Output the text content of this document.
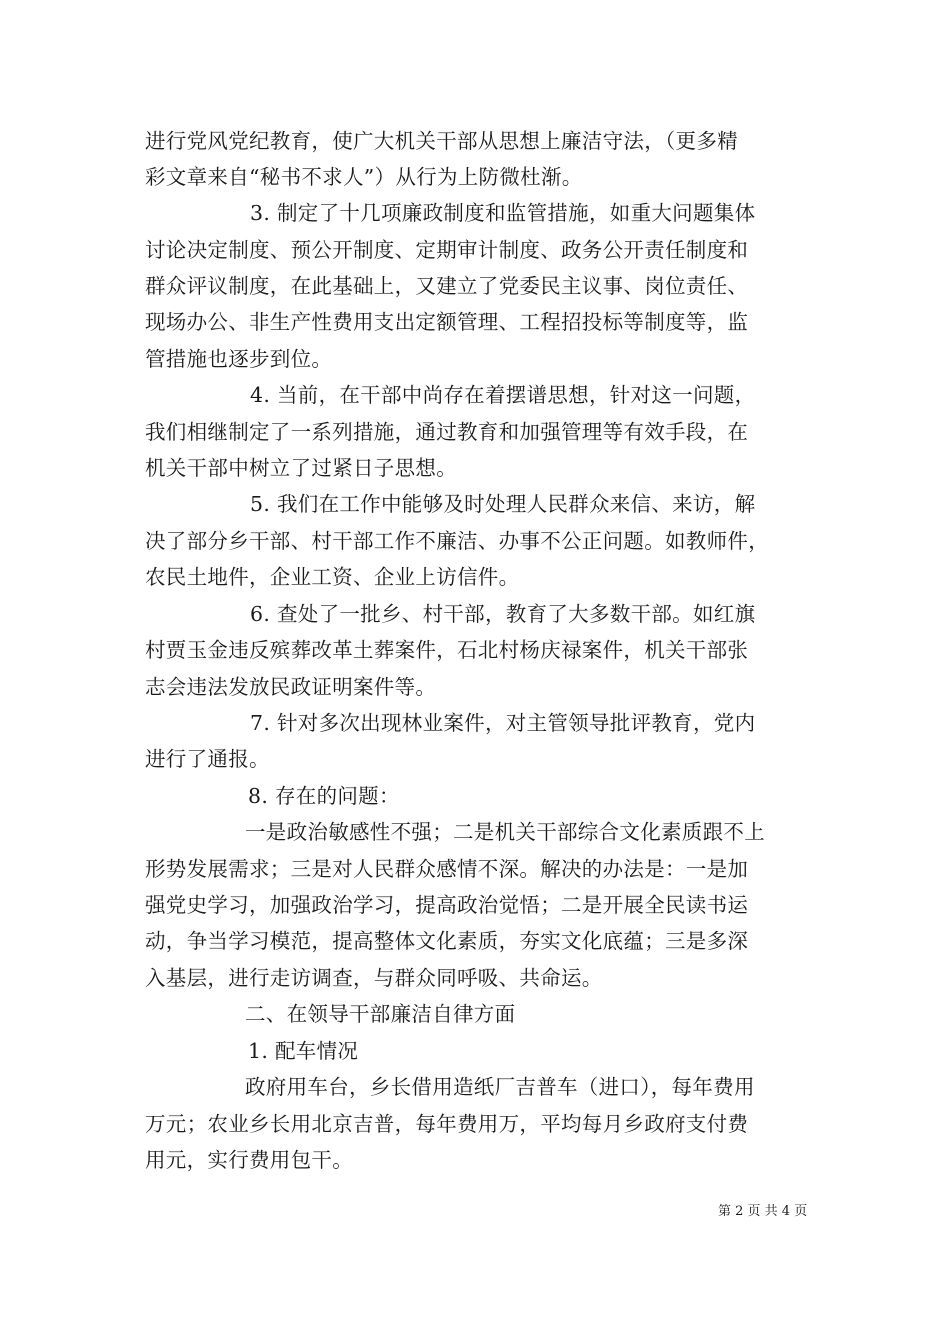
进行党风党纪教育，使广大机关干部从思想上廉洁守法，（更多精
彩文章来自“秘书不求人”）从行为上防微杜渐。
3. 制定了十几项廉政制度和监管措施，如重大问题集体
讨论决定制度、预公开制度、定期审计制度、政务公开责任制度和
群众评议制度，在此基础上，又建立了党委民主议事、岗位责任、
现场办公、非生产性费用支出定额管理、工程招投标等制度等，监
管措施也逐步到位。
4. 当前，在干部中尚存在着摆谱思想，针对这一问题，
我们相继制定了一系列措施，通过教育和加强管理等有效手段，在
机关干部中树立了过紧日子思想。
5. 我们在工作中能够及时处理人民群众来信、来访，解
决了部分乡干部、村干部工作不廉洁、办事不公正问题。如教师件，
农民土地件，企业工资、企业上访信件。
6. 查处了一批乡、村干部，教育了大多数干部。如红旗
村贾玉金违反殡葬改革土葬案件，石北村杨庆禄案件，机关干部张
志会违法发放民政证明案件等。
7. 针对多次出现林业案件，对主管领导批评教育，党内
进行了通报。
8. 存在的问题：
一是政治敏感性不强；二是机关干部综合文化素质跟不上
形势发展需求；三是对人民群众感情不深。解决的办法是：一是加
强党史学习，加强政治学习，提高政治觉悟；二是开展全民读书运
动，争当学习模范，提高整体文化素质，夯实文化底蕴；三是多深
入基层，进行走访调查，与群众同呼吸、共命运。
二、在领导干部廉洁自律方面
1. 配车情况
政府用车台，乡长借用造纸厂吉普车（进口），每年费用
万元；农业乡长用北京吉普，每年费用万，平均每月乡政府支付费
用元，实行费用包干。
第 2 页 共 4 页
